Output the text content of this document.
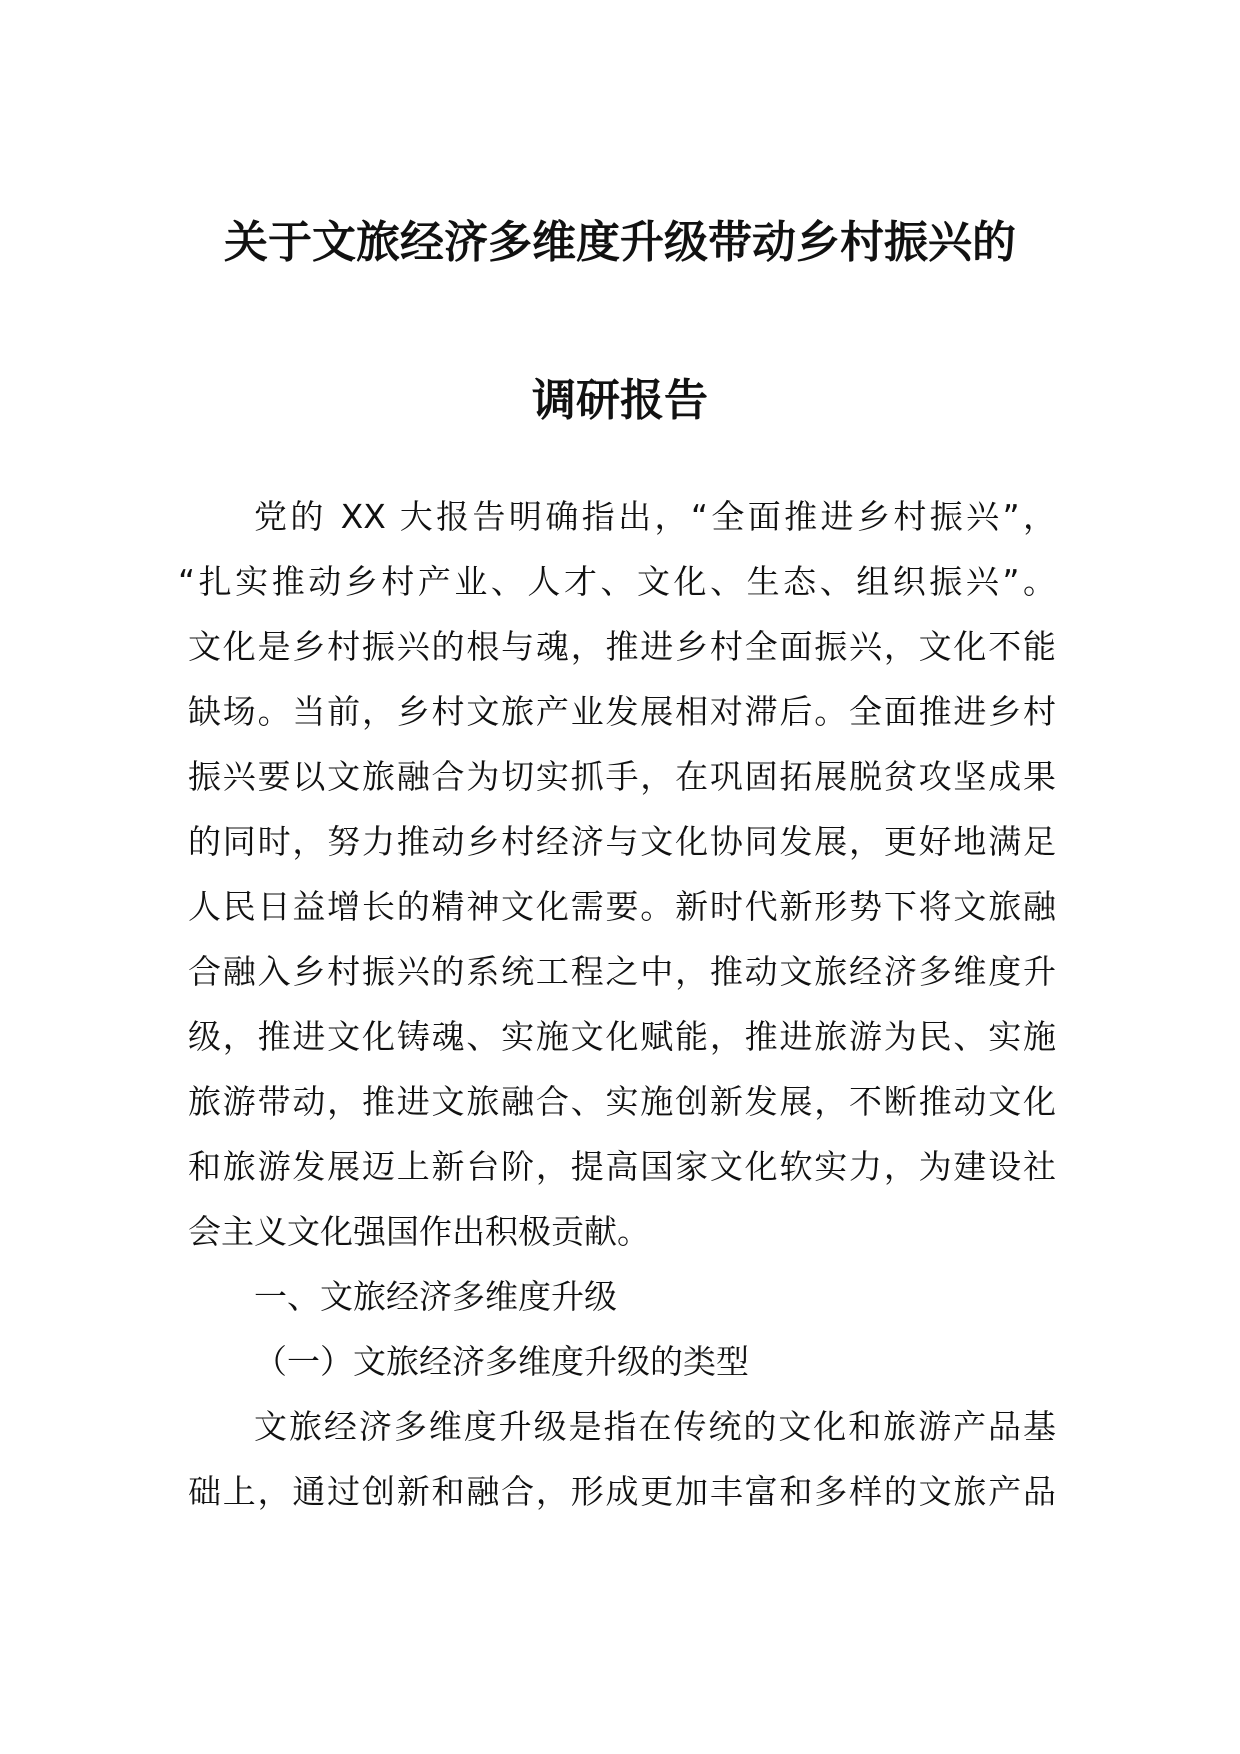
关于文旅经济多维度升级带动乡村振兴的
调研报告
党的 XX 大报告明确指出，“全面推进乡村振兴”，
“扎实推动乡村产业、人才、文化、生态、组织振兴”。
文化是乡村振兴的根与魂，推进乡村全面振兴，文化不能
缺场。当前，乡村文旅产业发展相对滞后。全面推进乡村
振兴要以文旅融合为切实抓手，在巩固拓展脱贫攻坚成果
的同时，努力推动乡村经济与文化协同发展，更好地满足
人民日益增长的精神文化需要。新时代新形势下将文旅融
合融入乡村振兴的系统工程之中，推动文旅经济多维度升
级，推进文化铸魂、实施文化赋能，推进旅游为民、实施
旅游带动，推进文旅融合、实施创新发展，不断推动文化
和旅游发展迈上新台阶，提高国家文化软实力，为建设社
会主义文化强国作出积极贡献。
一、文旅经济多维度升级
（一）文旅经济多维度升级的类型
文旅经济多维度升级是指在传统的文化和旅游产品基
础上，通过创新和融合，形成更加丰富和多样的文旅产品
